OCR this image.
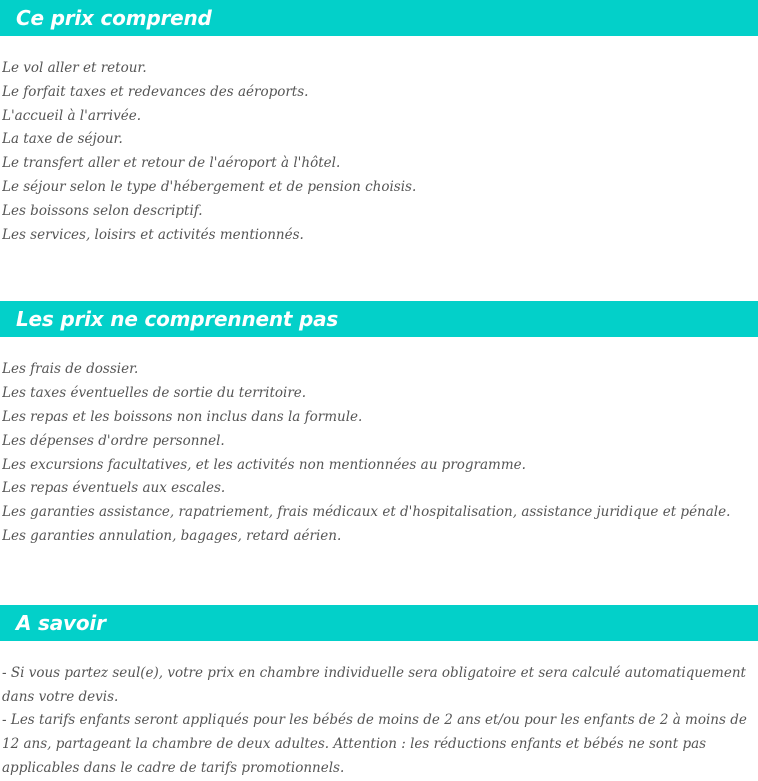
Ce prix comprend
Le vol aller et retour.
Le forfait taxes et redevances des aéroports.
L'accueil à l'arrivée.
La taxe de séjour.
Le transfert aller et retour de l'aéroport à l'hôtel.
Le séjour selon le type d'hébergement et de pension choisis.
Les boissons selon descriptif.
Les services, loisirs et activités mentionnés.
Les prix ne comprennent pas
Les frais de dossier.
Les taxes éventuelles de sortie du territoire.
Les repas et les boissons non inclus dans la formule.
Les dépenses d'ordre personnel.
Les excursions facultatives, et les activités non mentionnées au programme.
Les repas éventuels aux escales.
Les garanties assistance, rapatriement, frais médicaux et d'hospitalisation, assistance juridique et pénale.
Les garanties annulation, bagages, retard aérien.
A savoir

- Si vous partez seul(e), votre prix en chambre individuelle sera obligatoire et sera calculé automatiquement dans votre devis.

- Les tarifs enfants seront appliqués pour les bébés de moins de 2 ans et/ou pour les enfants de 2 à moins de 12 ans, partageant la chambre de deux adultes. Attention : les réductions enfants et bébés ne sont pas applicables dans le cadre de tarifs promotionnels.
